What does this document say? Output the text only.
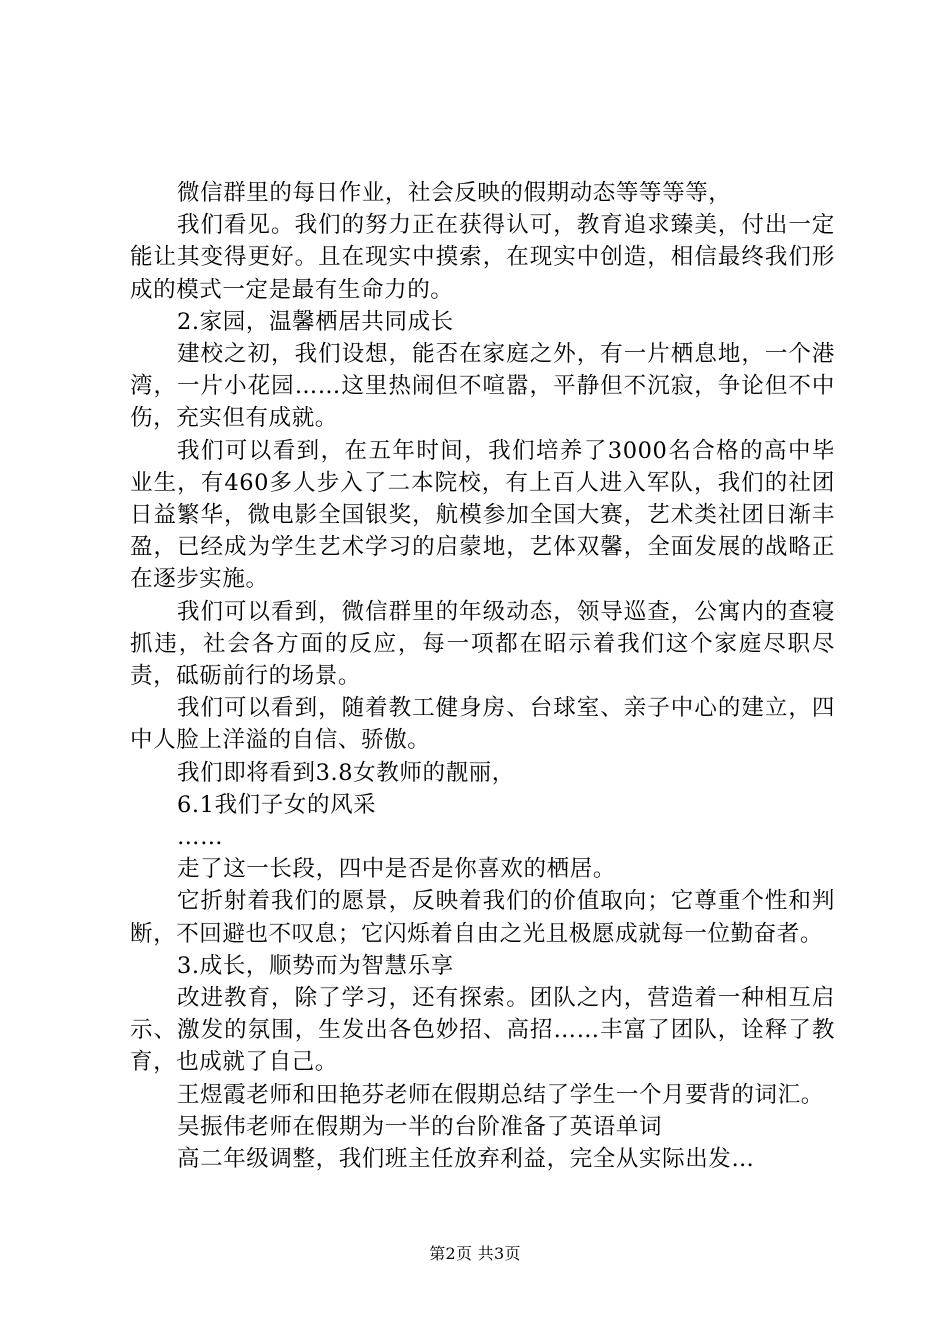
微信群里的每日作业，社会反映的假期动态等等等等，

我们看见。我们的努力正在获得认可，教育追求臻美，付出一定能让其变得更好。且在现实中摸索，在现实中创造，相信最终我们形成的模式一定是最有生命力的。

2.家园，温馨栖居共同成长

建校之初，我们设想，能否在家庭之外，有一片栖息地，一个港湾，一片小花园……这里热闹但不喧嚣，平静但不沉寂，争论但不中伤，充实但有成就。

我们可以看到，在五年时间，我们培养了3000名合格的高中毕业生，有460多人步入了二本院校，有上百人进入军队，我们的社团日益繁华，微电影全国银奖，航模参加全国大赛，艺术类社团日渐丰盈，已经成为学生艺术学习的启蒙地，艺体双馨，全面发展的战略正在逐步实施。

我们可以看到，微信群里的年级动态，领导巡查，公寓内的查寝抓违，社会各方面的反应，每一项都在昭示着我们这个家庭尽职尽责，砥砺前行的场景。

我们可以看到，随着教工健身房、台球室、亲子中心的建立，四中人脸上洋溢的自信、骄傲。

我们即将看到3.8女教师的靓丽，

6.1我们子女的风采

……

走了这一长段，四中是否是你喜欢的栖居。

它折射着我们的愿景，反映着我们的价值取向；它尊重个性和判断，不回避也不叹息；它闪烁着自由之光且极愿成就每一位勤奋者。

3.成长，顺势而为智慧乐享

改进教育，除了学习，还有探索。团队之内，营造着一种相互启示、激发的氛围，生发出各色妙招、高招……丰富了团队，诠释了教育，也成就了自己。

王煜霞老师和田艳芬老师在假期总结了学生一个月要背的词汇。

吴振伟老师在假期为一半的台阶准备了英语单词

高二年级调整，我们班主任放弃利益，完全从实际出发…

第2页 共3页
